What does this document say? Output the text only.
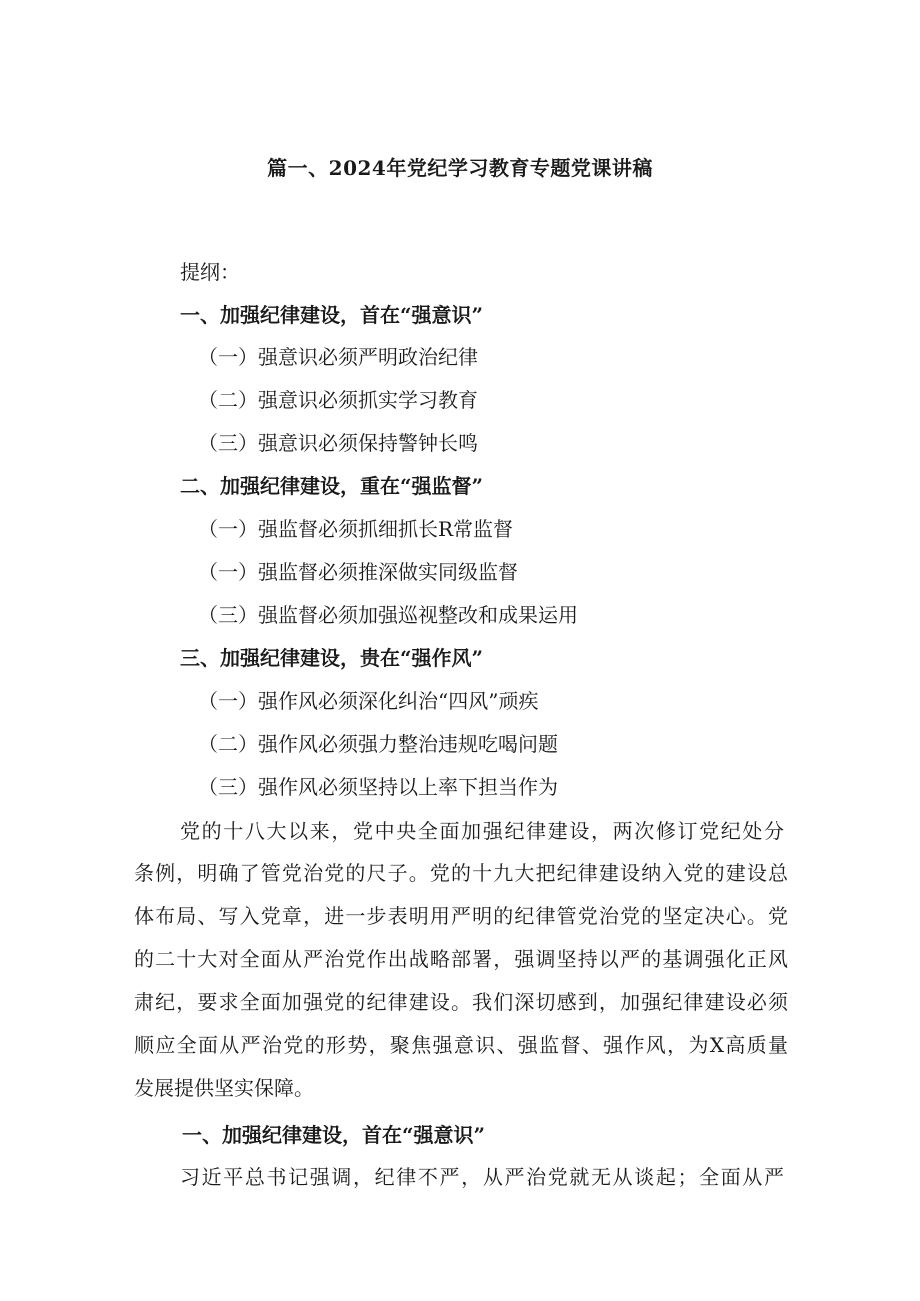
篇一、2024年党纪学习教育专题党课讲稿
提纲：
一、加强纪律建设，首在“强意识”
（一）强意识必须严明政治纪律
（二）强意识必须抓实学习教育
（三）强意识必须保持警钟长鸣
二、加强纪律建设，重在“强监督”
（一）强监督必须抓细抓长R常监督
（一）强监督必须推深做实同级监督
（三）强监督必须加强巡视整改和成果运用
三、加强纪律建设，贵在“强作风”
（一）强作风必须深化纠治“四风”顽疾
（二）强作风必须强力整治违规吃喝问题
（三）强作风必须坚持以上率下担当作为
党的十八大以来，党中央全面加强纪律建设，两次修订党纪处分
条例，明确了管党治党的尺子。党的十九大把纪律建设纳入党的建设总
体布局、写入党章，进一步表明用严明的纪律管党治党的坚定决心。党
的二十大对全面从严治党作出战略部署，强调坚持以严的基调强化正风
肃纪，要求全面加强党的纪律建设。我们深切感到，加强纪律建设必须
顺应全面从严治党的形势，聚焦强意识、强监督、强作风，为X高质量
发展提供坚实保障。
一、加强纪律建设，首在“强意识”
习近平总书记强调，纪律不严，从严治党就无从谈起；全面从严
